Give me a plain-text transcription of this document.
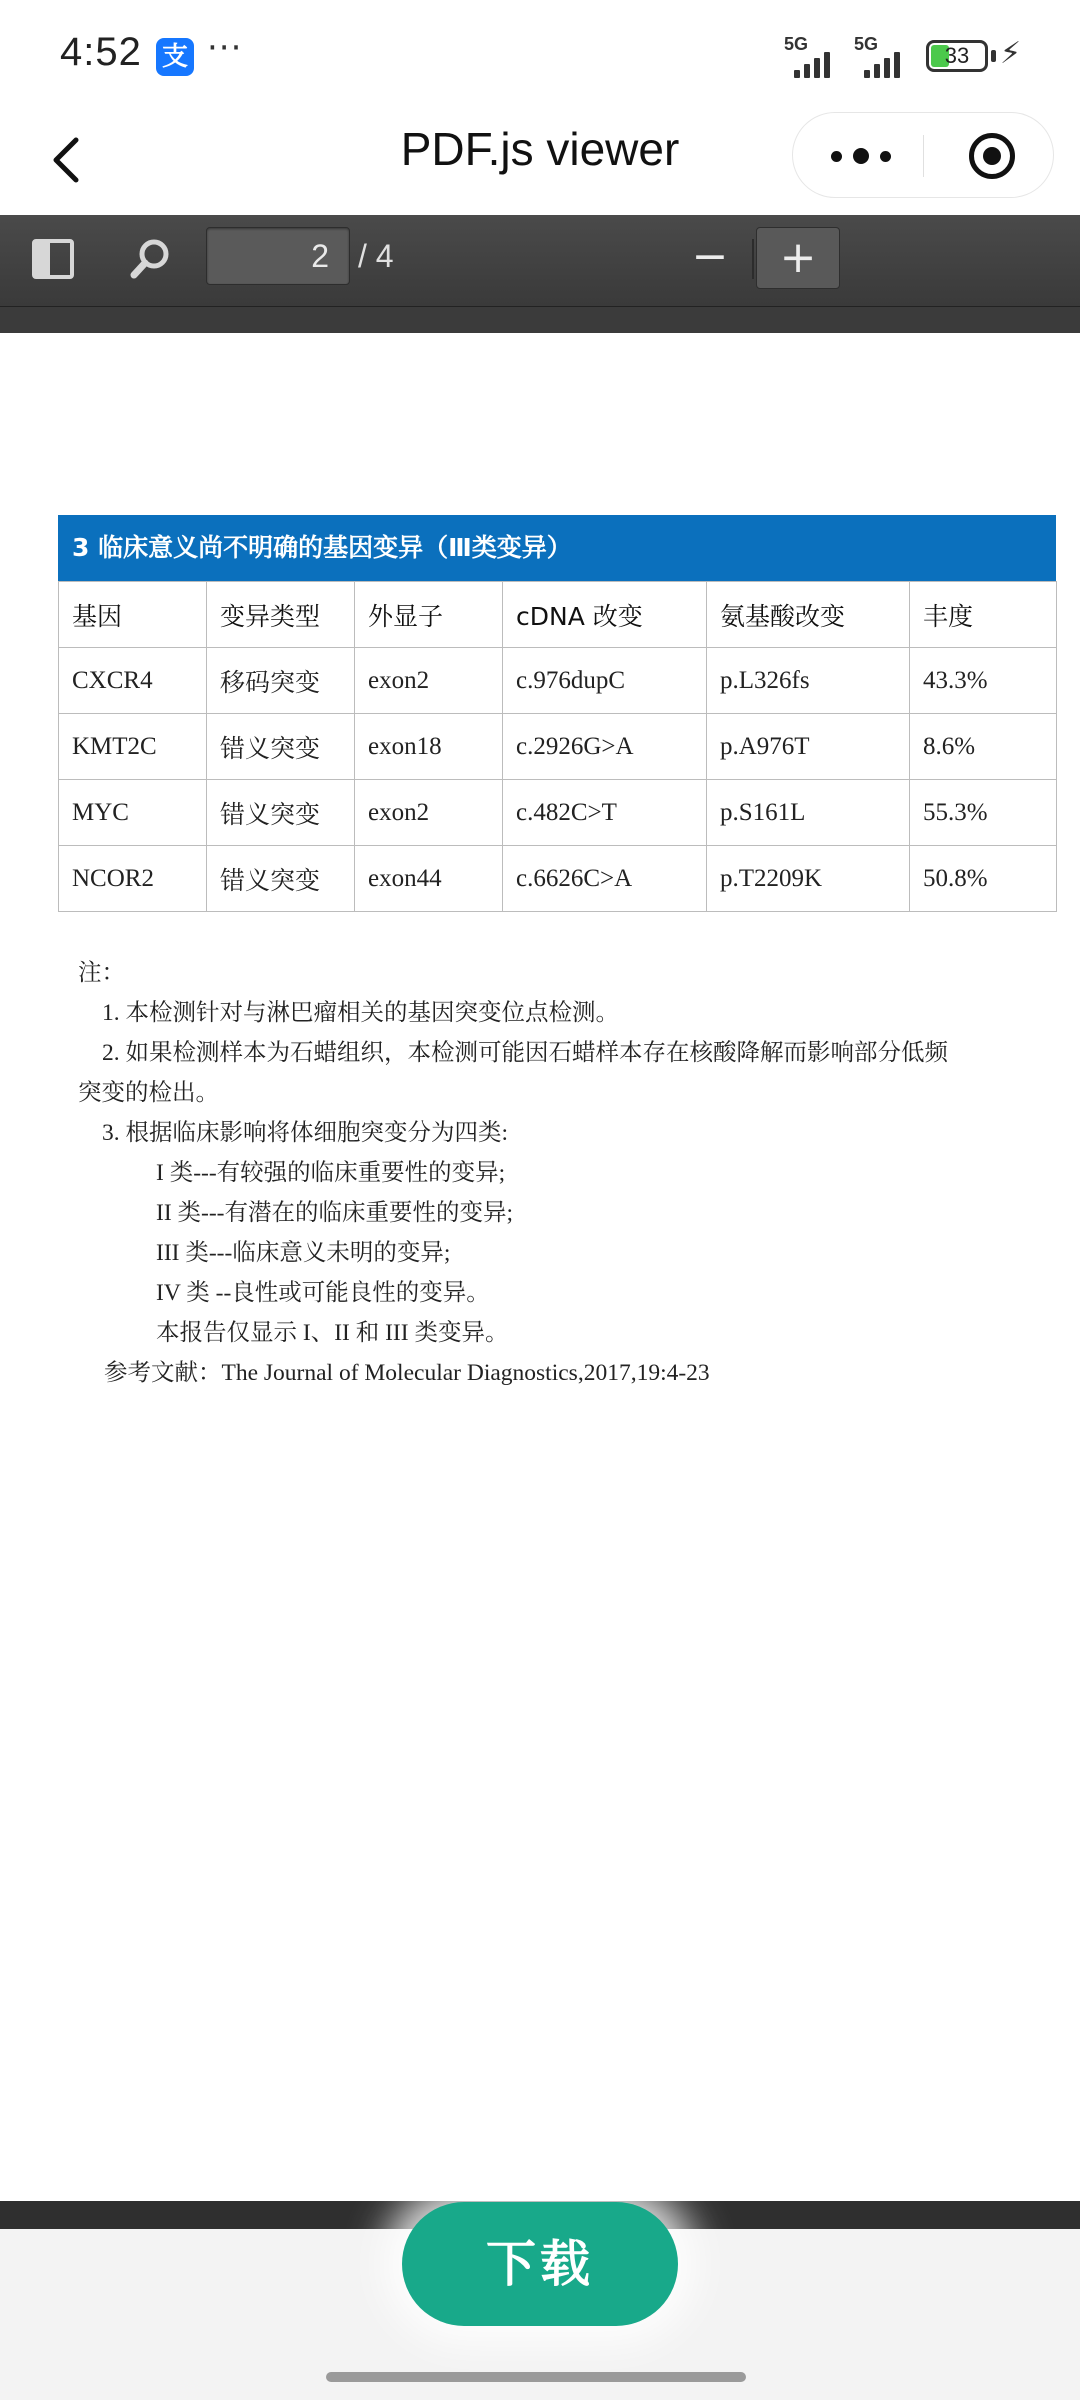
4:52 支 ···	5G	5G	33	⚡
PDF.js viewer
2 / 4	−	+
3 临床意义尚不明确的基因变异（Ⅲ类变异）
基因	变异类型	外显子	cDNA 改变	氨基酸改变	丰度
CXCR4	移码突变	exon2	c.976dupC	p.L326fs	43.3%
KMT2C	错义突变	exon18	c.2926G>A	p.A976T	8.6%
MYC	错义突变	exon2	c.482C>T	p.S161L	55.3%
NCOR2	错义突变	exon44	c.6626C>A	p.T2209K	50.8%
注：
1. 本检测针对与淋巴瘤相关的基因突变位点检测。
2. 如果检测样本为石蜡组织，本检测可能因石蜡样本存在核酸降解而影响部分低频
突变的检出。
3. 根据临床影响将体细胞突变分为四类:
I 类---有较强的临床重要性的变异;
II 类---有潜在的临床重要性的变异;
III 类---临床意义未明的变异;
IV 类 --良性或可能良性的变异。
本报告仅显示 I、II 和 III 类变异。
参考文献：The Journal of Molecular Diagnostics,2017,19:4-23
下载
